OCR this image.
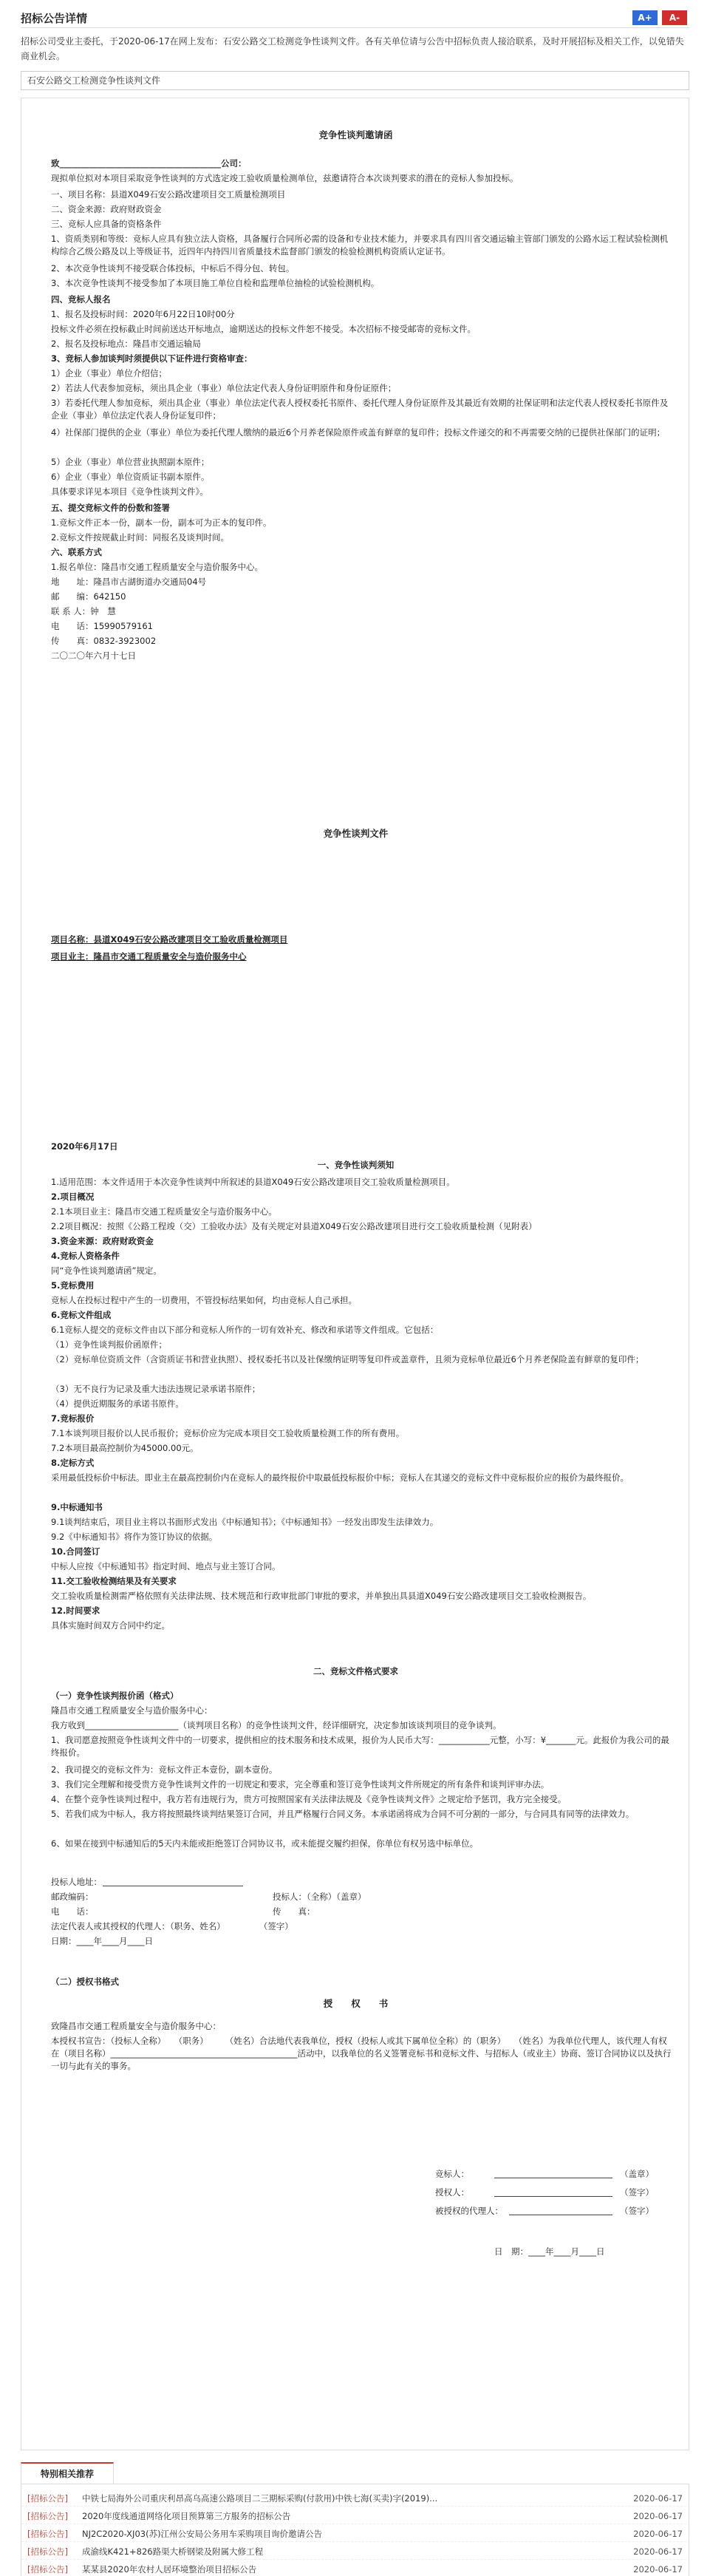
招标公告详情	A+	A-
招标公司受业主委托，于2020-06-17在网上发布：石安公路交工检测竞争性谈判文件。各有关单位请与公告中招标负责人接洽联系，及时开展招标及相关工作，以免错失商业机会。
石安公路交工检测竞争性谈判文件
竞争性谈判邀请函
致______________________________________公司：
现拟单位拟对本项目采取竞争性谈判的方式选定竣工验收质量检测单位，兹邀请符合本次谈判要求的潜在的竞标人参加投标。
一、项目名称：县道X049石安公路改建项目交工质量检测项目
二、资金来源：政府财政资金
三、竞标人应具备的资格条件
1、资质类别和等级：竞标人应具有独立法人资格，具备履行合同所必需的设备和专业技术能力，并要求具有四川省交通运输主管部门颁发的公路水运工程试验检测机构综合乙级公路及以上等级证书，近四年内持四川省质量技术监督部门颁发的检验检测机构资质认定证书。
2、本次竞争性谈判不接受联合体投标，中标后不得分包、转包。
3、本次竞争性谈判不接受参加了本项目施工单位自检和监理单位抽检的试验检测机构。
四、竞标人报名
1、报名及投标时间：2020年6月22日10时00分
投标文件必须在投标截止时间前送达开标地点，逾期送达的投标文件恕不接受。本次招标不接受邮寄的竞标文件。
2、报名及投标地点：隆昌市交通运输局
3、竞标人参加谈判时须提供以下证件进行资格审查：
1）企业（事业）单位介绍信；
2）若法人代表参加竞标，须出具企业（事业）单位法定代表人身份证明原件和身份证原件；
3）若委托代理人参加竞标，须出具企业（事业）单位法定代表人授权委托书原件、委托代理人身份证原件及其最近有效期的社保证明和法定代表人授权委托书原件及企业（事业）单位法定代表人身份证复印件；
4）社保部门提供的企业（事业）单位为委托代理人缴纳的最近6个月养老保险原件或盖有鲜章的复印件；投标文件递交的和不再需要交纳的已提供社保部门的证明；
5）企业（事业）单位营业执照副本原件；
6）企业（事业）单位资质证书副本原件。
具体要求详见本项目《竞争性谈判文件》。
五、提交竞标文件的份数和签署
1.竞标文件正本一份，副本一份，副本可为正本的复印件。
2.竞标文件按规截止时间：同报名及谈判时间。
六、联系方式
1.报名单位：隆昌市交通工程质量安全与造价服务中心。
地　　址：隆昌市古湖街道办交通局04号
邮　　编：642150
联 系 人：钟　慧
电　　话：15990579161
传　　真：0832-3923002
二〇二〇年六月十七日
竞争性谈判文件
项目名称：县道X049石安公路改建项目交工验收质量检测项目
项目业主：隆昌市交通工程质量安全与造价服务中心
2020年6月17日
一、竞争性谈判须知
1.适用范围：本文件适用于本次竞争性谈判中所叙述的县道X049石安公路改建项目交工验收质量检测项目。
2.项目概况
2.1本项目业主：隆昌市交通工程质量安全与造价服务中心。
2.2项目概况：按照《公路工程竣（交）工验收办法》及有关规定对县道X049石安公路改建项目进行交工验收质量检测（见附表）
3.资金来源：政府财政资金
4.竞标人资格条件
同“竞争性谈判邀请函”规定。
5.竞标费用
竞标人在投标过程中产生的一切费用，不管投标结果如何，均由竞标人自己承担。
6.竞标文件组成
6.1竞标人提交的竞标文件由以下部分和竞标人所作的一切有效补充、修改和承诺等文件组成。它包括：
（1）竞争性谈判报价函原件；
（2）竞标单位资质文件（含资质证书和营业执照）、授权委托书以及社保缴纳证明等复印件或盖章件，且须为竞标单位最近6个月养老保险盖有鲜章的复印件；
（3）无不良行为记录及重大违法违规记录承诺书原件；
（4）提供近期服务的承诺书原件。
7.竞标报价
7.1本谈判项目报价以人民币报价；竞标价应为完成本项目交工验收质量检测工作的所有费用。
7.2本项目最高控制价为45000.00元。
8.定标方式
采用最低投标价中标法。即业主在最高控制价内在竞标人的最终报价中取最低投标报价中标；竞标人在其递交的竞标文件中竞标报价应的报价为最终报价。
9.中标通知书
9.1谈判结束后，项目业主将以书面形式发出《中标通知书》；《中标通知书》一经发出即发生法律效力。
9.2《中标通知书》将作为签订协议的依据。
10.合同签订
中标人应按《中标通知书》指定时间、地点与业主签订合同。
11.交工验收检测结果及有关要求
交工验收质量检测需严格依照有关法律法规、技术规范和行政审批部门审批的要求，并单独出具县道X049石安公路改建项目交工验收检测报告。
12.时间要求
具体实施时间双方合同中约定。
二、竞标文件格式要求
（一）竞争性谈判报价函（格式）
隆昌市交通工程质量安全与造价服务中心：
我方收到______________________（谈判项目名称）的竞争性谈判文件，经详细研究，决定参加该谈判项目的竞争谈判。
1、我司愿意按照竞争性谈判文件中的一切要求，提供相应的技术服务和技术成果，报价为人民币大写：____________元整，小写：¥_______元。此报价为我公司的最终报价。
2、我司提交的竞标文件为：竞标文件正本壹份，副本壹份。
3、我们完全理解和接受贵方竞争性谈判文件的一切规定和要求，完全尊重和签订竞争性谈判文件所规定的所有条件和谈判评审办法。
4、在整个竞争性谈判过程中，我方若有违规行为，贵方可按照国家有关法律法规及《竞争性谈判文件》之规定给予惩罚，我方完全接受。
5、若我们成为中标人，我方将按照最终谈判结果签订合同，并且严格履行合同义务。本承诺函将成为合同不可分割的一部分，与合同具有同等的法律效力。
6、如果在接到中标通知后的5天内未能或拒绝签订合同协议书，或未能提交履约担保，你单位有权另选中标单位。
投标人地址：
邮政编码：	投标人：（全称）（盖章）
电　　话：	传　　真：
法定代表人或其授权的代理人：（职务、姓名）　　　　　（签字）
日期：____年____月____日
（二）授权书格式
授　　权　　书
致隆昌市交通工程质量安全与造价服务中心：
本授权书宣告：（投标人全称）　　（职务）　　　（姓名）合法地代表我单位，授权（投标人或其下属单位全称）的（职务）　　（姓名）为我单位代理人，该代理人有权在（项目名称）____________________________________________活动中，以我单位的名义签署竞标书和竞标文件、与招标人（或业主）协商、签订合同协议以及执行一切与此有关的事务。
竞标人：	（盖章）
授权人：	（签字）
被授权的代理人：	（签字）
日　期：____年____月____日
特别相关推荐
[招标公告] 中铁七局海外公司重庆利昂高乌高速公路项目二三期标采购(付款用)中铁七海(买卖)字(2019)...	2020-06-17
[招标公告] 2020年度线通道网络化项目预算第三方服务的招标公告	2020-06-17
[招标公告] NJ2C2020-XJ03(苏)江州公安局公务用车采购项目询价邀请公告	2020-06-17
[招标公告] 成渝线K421+826路渠大桥钢梁及附属大修工程	2020-06-17
[招标公告] 某某县2020年农村人居环境整治项目招标公告	2020-06-17
